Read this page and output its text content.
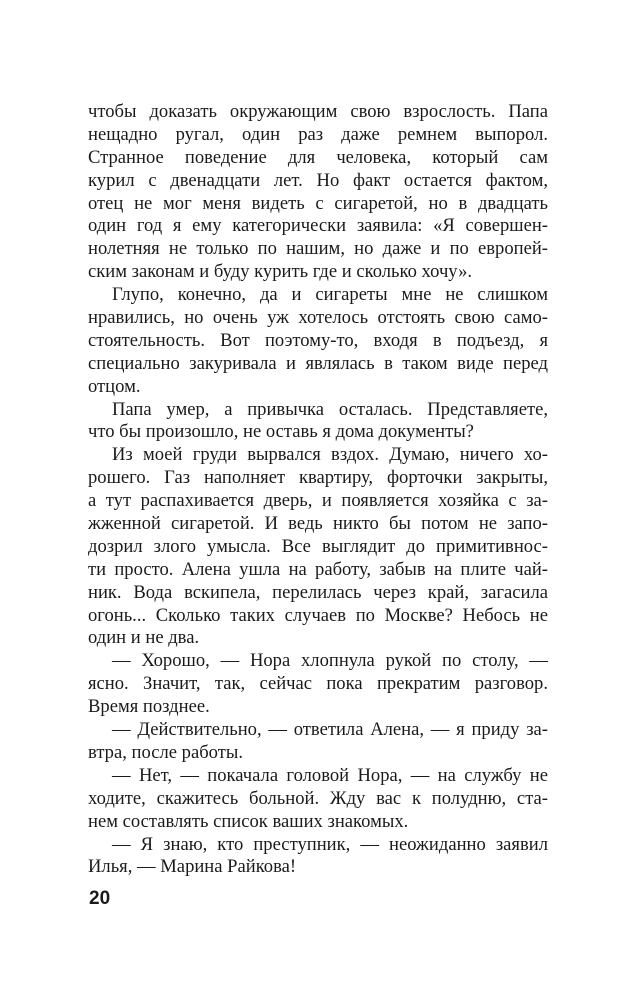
чтобы доказать окружающим свою взрослость. Папа
нещадно ругал, один раз даже ремнем выпорол.
Странное поведение для человека, который сам
курил с двенадцати лет. Но факт остается фактом,
отец не мог меня видеть с сигаретой, но в двадцать
один год я ему категорически заявила: «Я совершен-
нолетняя не только по нашим, но даже и по европей-
ским законам и буду курить где и сколько хочу».
Глупо, конечно, да и сигареты мне не слишком
нравились, но очень уж хотелось отстоять свою само-
стоятельность. Вот поэтому-то, входя в подъезд, я
специально закуривала и являлась в таком виде перед
отцом.
Папа умер, а привычка осталась. Представляете,
что бы произошло, не оставь я дома документы?
Из моей груди вырвался вздох. Думаю, ничего хо-
рошего. Газ наполняет квартиру, форточки закрыты,
а тут распахивается дверь, и появляется хозяйка с за-
жженной сигаретой. И ведь никто бы потом не запо-
дозрил злого умысла. Все выглядит до примитивнос-
ти просто. Алена ушла на работу, забыв на плите чай-
ник. Вода вскипела, перелилась через край, загасила
огонь... Сколько таких случаев по Москве? Небось не
один и не два.
— Хорошо, — Нора хлопнула рукой по столу, —
ясно. Значит, так, сейчас пока прекратим разговор.
Время позднее.
— Действительно, — ответила Алена, — я приду за-
втра, после работы.
— Нет, — покачала головой Нора, — на службу не
ходите, скажитесь больной. Жду вас к полудню, ста-
нем составлять список ваших знакомых.
— Я знаю, кто преступник, — неожиданно заявил
Илья, — Марина Райкова!
20
